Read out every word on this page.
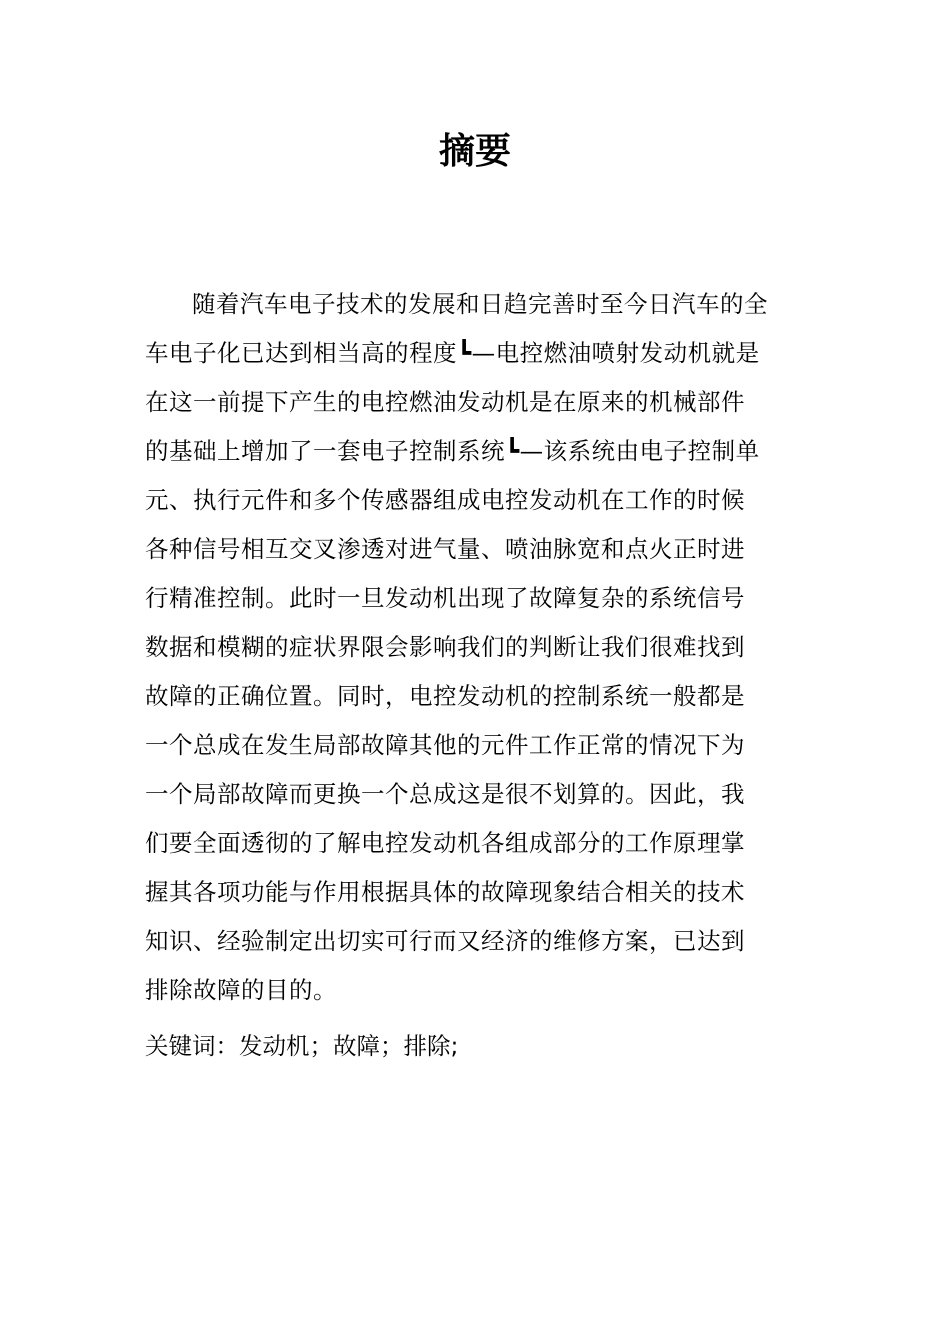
摘要
随着汽车电子技术的发展和日趋完善时至今日汽车的全
车电子化已达到相当高的程度┗—电控燃油喷射发动机就是
在这一前提下产生的电控燃油发动机是在原来的机械部件
的基础上增加了一套电子控制系统┗—该系统由电子控制单
元、执行元件和多个传感器组成电控发动机在工作的时候
各种信号相互交叉渗透对进气量、喷油脉宽和点火正时进
行精准控制。此时一旦发动机出现了故障复杂的系统信号
数据和模糊的症状界限会影响我们的判断让我们很难找到
故障的正确位置。同时，电控发动机的控制系统一般都是
一个总成在发生局部故障其他的元件工作正常的情况下为
一个局部故障而更换一个总成这是很不划算的。因此，我
们要全面透彻的了解电控发动机各组成部分的工作原理掌
握其各项功能与作用根据具体的故障现象结合相关的技术
知识、经验制定出切实可行而又经济的维修方案，已达到
排除故障的目的。

关键词：发动机；故障；排除;
